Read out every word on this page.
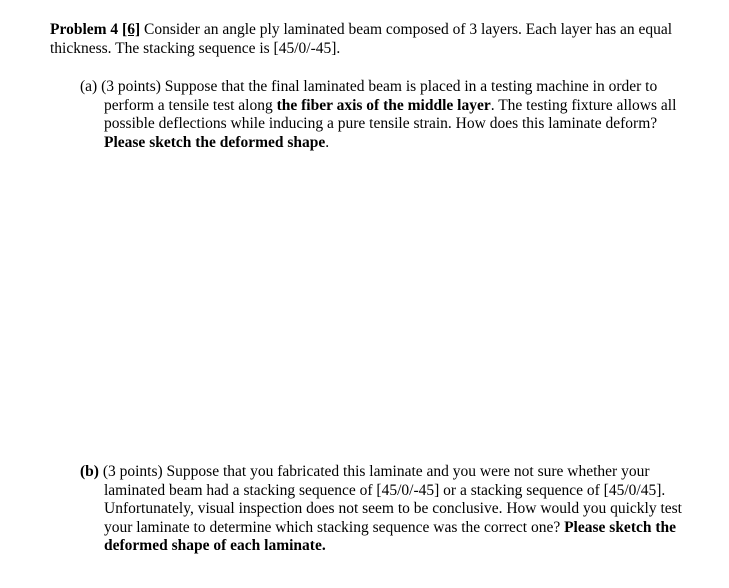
Problem 4 [6] Consider an angle ply laminated beam composed of 3 layers. Each layer has an equal thickness. The stacking sequence is [45/0/-45].
(a) (3 points) Suppose that the final laminated beam is placed in a testing machine in order to perform a tensile test along the fiber axis of the middle layer. The testing fixture allows all possible deflections while inducing a pure tensile strain. How does this laminate deform? Please sketch the deformed shape.
(b) (3 points) Suppose that you fabricated this laminate and you were not sure whether your laminated beam had a stacking sequence of [45/0/-45] or a stacking sequence of [45/0/45]. Unfortunately, visual inspection does not seem to be conclusive. How would you quickly test your laminate to determine which stacking sequence was the correct one? Please sketch the deformed shape of each laminate.
